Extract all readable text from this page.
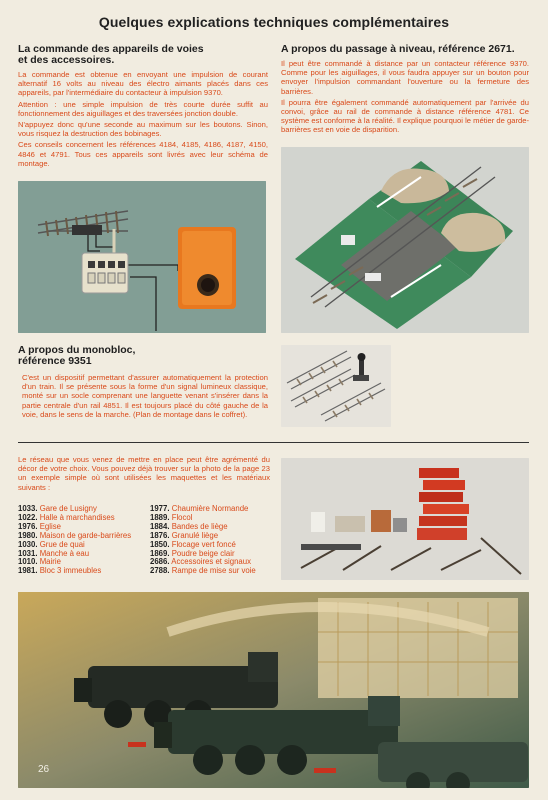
Quelques explications techniques complémentaires
La commande des appareils de voies
et des accessoires.
La commande est obtenue en envoyant une impulsion de courant alternatif 16 volts au niveau des électro aimants placés dans ces appareils, par l'intermédiaire du contacteur à impulsion 9370.
Attention : une simple impulsion de très courte durée suffit au fonctionnement des aiguillages et des traversées jonction double.
N'appuyez donc qu'une seconde au maximum sur les boutons. Sinon, vous risquez la destruction des bobinages.
Ces conseils concernent les références 4184, 4185, 4186, 4187, 4150, 4846 et 4791. Tous ces appareils sont livrés avec leur schéma de montage.
A propos du passage à niveau, référence 2671.
Il peut être commandé à distance par un contacteur référence 9370. Comme pour les aiguillages, il vous faudra appuyer sur un bouton pour envoyer l'impulsion commandant l'ouverture ou la fermeture des barrières.
Il pourra être également commandé automatiquement par l'arrivée du convoi, grâce au rail de commande à distance référence 4781. Ce système est conforme à la réalité. Il explique pourquoi le métier de garde-barrières est en voie de disparition.
A propos du monobloc,
référence 9351
C'est un dispositif permettant d'assurer automatiquement la protection d'un train. Il se présente sous la forme d'un signal lumineux classique, monté sur un socle comprenant une languette venant s'insérer dans la partie centrale d'un rail 4851. Il est toujours placé du côté gauche de la voie, dans le sens de la marche. (Plan de montage dans le coffret).
Le réseau que vous venez de mettre en place peut être agrémenté du décor de votre choix. Vous pouvez déjà trouver sur la photo de la page 23 un exemple simple où sont utilisées les maquettes et les matériaux suivants :
1033. Gare de Lusigny
1022. Halle à marchandises
1976. Eglise
1980. Maison de garde-barrières
1030. Grue de quai
1031. Manche à eau
1010. Mairie
1981. Bloc 3 immeubles
1977. Chaumière Normande
1889. Flocol
1884. Bandes de liège
1876. Granulé liège
1850. Flocage vert foncé
1869. Poudre beige clair
2686. Accessoires et signaux
2788. Rampe de mise sur voie
26
